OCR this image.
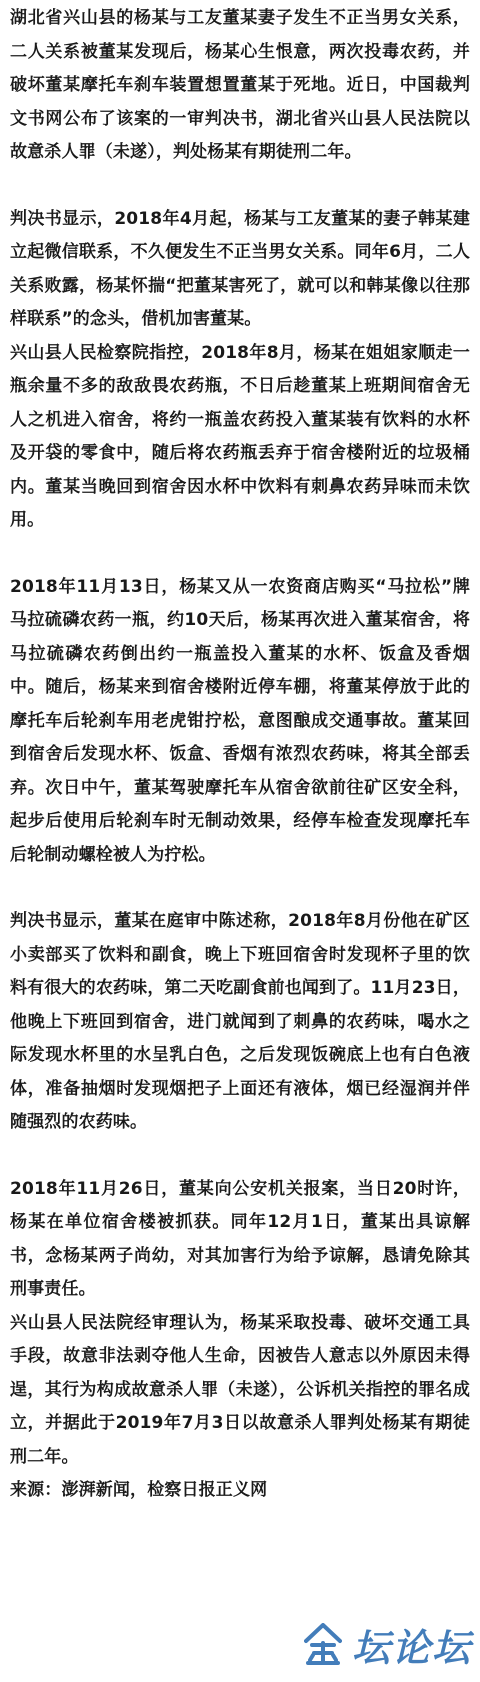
湖北省兴山县的杨某与工友董某妻子发生不正当男女关系，二人关系被董某发现后，杨某心生恨意，两次投毒农药，并破坏董某摩托车刹车装置想置董某于死地。近日，中国裁判文书网公布了该案的一审判决书，湖北省兴山县人民法院以故意杀人罪（未遂），判处杨某有期徒刑二年。

判决书显示，2018年4月起，杨某与工友董某的妻子韩某建立起微信联系，不久便发生不正当男女关系。同年6月，二人关系败露，杨某怀揣“把董某害死了，就可以和韩某像以往那样联系”的念头，借机加害董某。

兴山县人民检察院指控，2018年8月，杨某在姐姐家顺走一瓶余量不多的敌敌畏农药瓶，不日后趁董某上班期间宿舍无人之机进入宿舍，将约一瓶盖农药投入董某装有饮料的水杯及开袋的零食中，随后将农药瓶丢弃于宿舍楼附近的垃圾桶内。董某当晚回到宿舍因水杯中饮料有刺鼻农药异味而未饮用。

2018年11月13日，杨某又从一农资商店购买“马拉松”牌马拉硫磷农药一瓶，约10天后，杨某再次进入董某宿舍，将马拉硫磷农药倒出约一瓶盖投入董某的水杯、饭盒及香烟中。随后，杨某来到宿舍楼附近停车棚，将董某停放于此的摩托车后轮刹车用老虎钳拧松，意图酿成交通事故。董某回到宿舍后发现水杯、饭盒、香烟有浓烈农药味，将其全部丢弃。次日中午，董某驾驶摩托车从宿舍欲前往矿区安全科，起步后使用后轮刹车时无制动效果，经停车检查发现摩托车后轮制动螺栓被人为拧松。

判决书显示，董某在庭审中陈述称，2018年8月份他在矿区小卖部买了饮料和副食，晚上下班回宿舍时发现杯子里的饮料有很大的农药味，第二天吃副食前也闻到了。11月23日，他晚上下班回到宿舍，进门就闻到了刺鼻的农药味，喝水之际发现水杯里的水呈乳白色，之后发现饭碗底上也有白色液体，准备抽烟时发现烟把子上面还有液体，烟已经湿润并伴随强烈的农药味。

2018年11月26日，董某向公安机关报案，当日20时许，杨某在单位宿舍楼被抓获。同年12月1日，董某出具谅解书，念杨某两子尚幼，对其加害行为给予谅解，恳请免除其刑事责任。

兴山县人民法院经审理认为，杨某采取投毒、破坏交通工具手段，故意非法剥夺他人生命，因被告人意志以外原因未得逞，其行为构成故意杀人罪（未遂），公诉机关指控的罪名成立，并据此于2019年7月3日以故意杀人罪判处杨某有期徒刑二年。

来源：澎湃新闻，检察日报正义网

坛论坛
